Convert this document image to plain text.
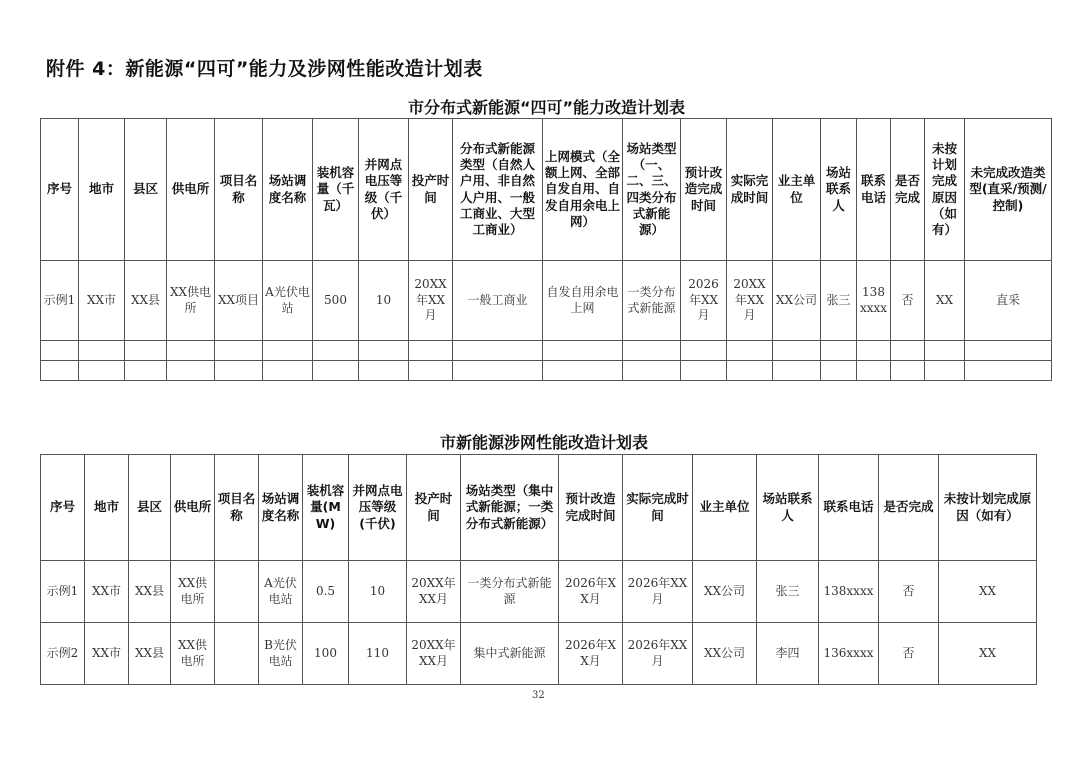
附件 4：新能源“四可”能力及涉网性能改造计划表
市分布式新能源“四可”能力改造计划表
序号	地市	县区	供电所	项目名称	场站调度名称	装机容量（千瓦）	并网点电压等级（千伏）	投产时间	分布式新能源类型（自然人户用、非自然人户用、一般工商业、大型工商业）	上网模式（全额上网、全部自发自用、自发自用余电上网）	场站类型（一、二、三、四类分布式新能源）	预计改造完成时间	实际完成时间	业主单位	场站联系人	联系电话	是否完成	未按计划完成原因（如有）	未完成改造类型(直采/预测/控制)
示例1	XX市	XX县	XX供电所	XX项目	A光伏电站	500	10	20XX年XX月	一般工商业	自发自用余电上网	一类分布式新能源	2026年XX月	20XX年XX月	XX公司	张三	138xxxx	否	XX	直采

市新能源涉网性能改造计划表
序号	地市	县区	供电所	项目名称	场站调度名称	装机容量(MW)	并网点电压等级(千伏)	投产时间	场站类型（集中式新能源；一类分布式新能源）	预计改造完成时间	实际完成时间	业主单位	场站联系人	联系电话	是否完成	未按计划完成原因（如有）
示例1	XX市	XX县	XX供电所		A光伏电站	0.5	10	20XX年XX月	一类分布式新能源	2026年XX月	2026年XX月	XX公司	张三	138xxxx	否	XX
示例2	XX市	XX县	XX供电所		B光伏电站	100	110	20XX年XX月	集中式新能源	2026年XX月	2026年XX月	XX公司	李四	136xxxx	否	XX
32
